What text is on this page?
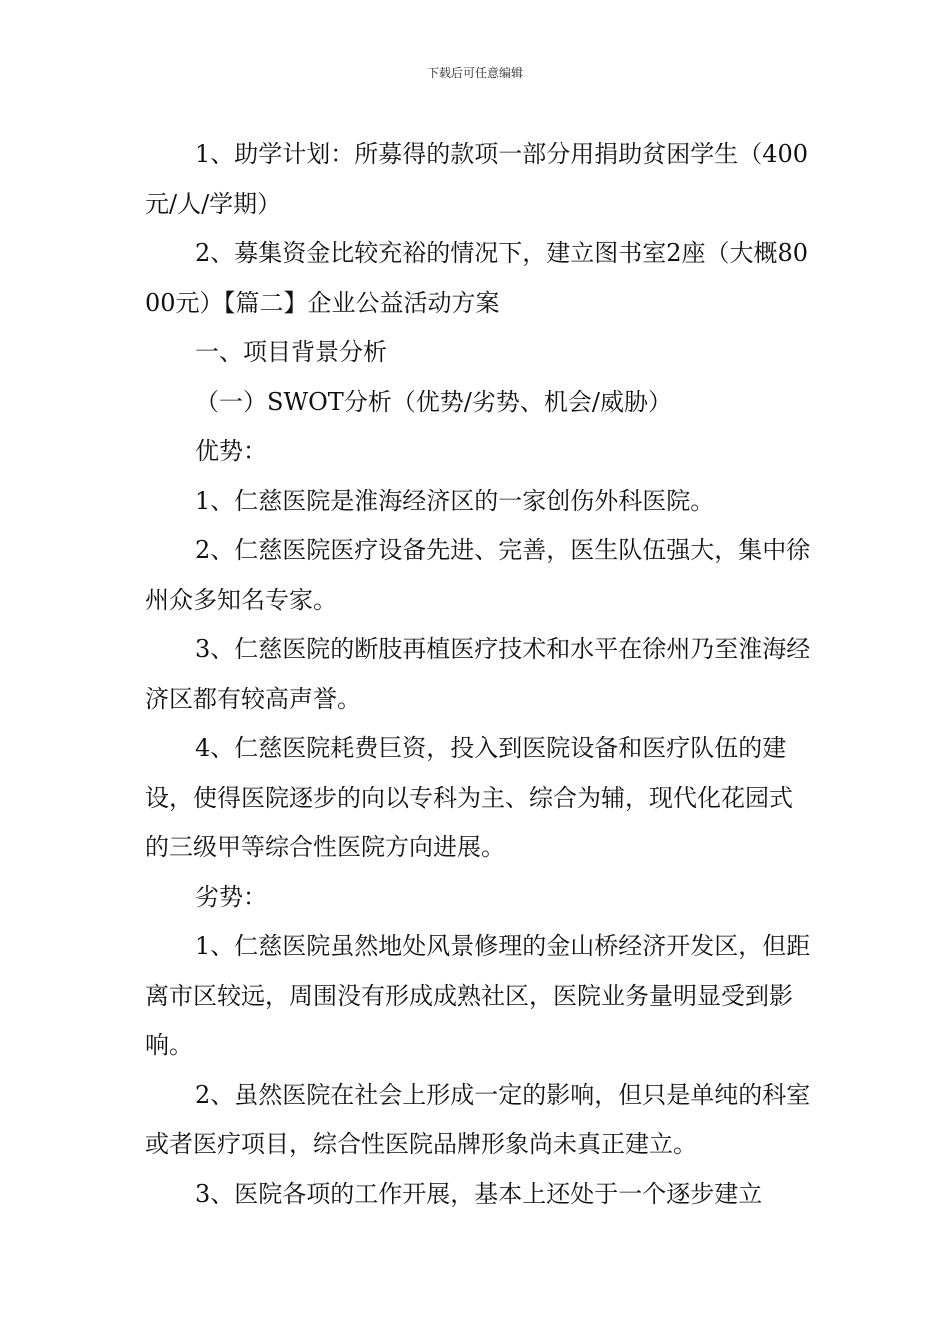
下载后可任意编辑

1、助学计划：所募得的款项一部分用捐助贫困学生（400元/人/学期）

2、募集资金比较充裕的情况下，建立图书室2座（大概8000元）【篇二】企业公益活动方案

一、项目背景分析

（一）SWOT分析（优势/劣势、机会/威胁）

优势：

1、仁慈医院是淮海经济区的一家创伤外科医院。

2、仁慈医院医疗设备先进、完善，医生队伍强大，集中徐州众多知名专家。

3、仁慈医院的断肢再植医疗技术和水平在徐州乃至淮海经济区都有较高声誉。

4、仁慈医院耗费巨资，投入到医院设备和医疗队伍的建设，使得医院逐步的向以专科为主、综合为辅，现代化花园式的三级甲等综合性医院方向进展。

劣势：

1、仁慈医院虽然地处风景修理的金山桥经济开发区，但距离市区较远，周围没有形成成熟社区，医院业务量明显受到影响。

2、虽然医院在社会上形成一定的影响，但只是单纯的科室或者医疗项目，综合性医院品牌形象尚未真正建立。

3、医院各项的工作开展，基本上还处于一个逐步建立
